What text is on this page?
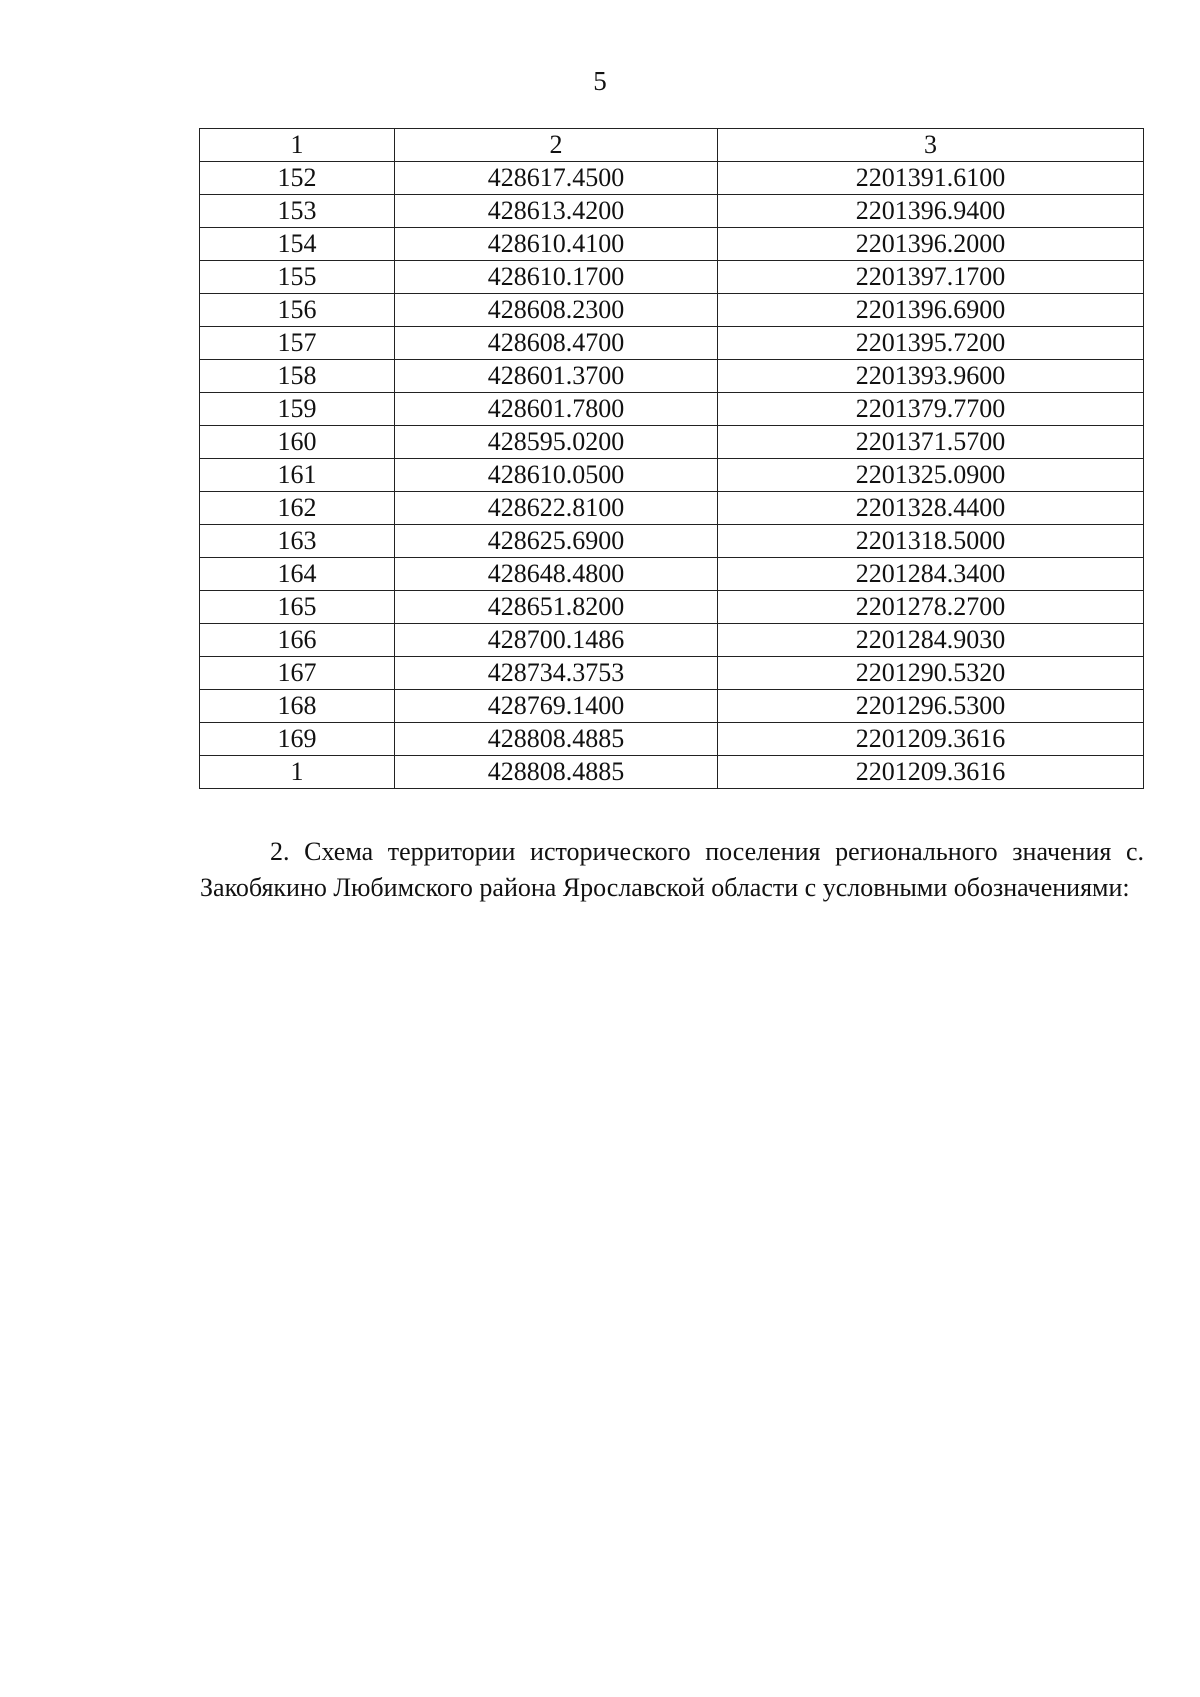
5
1	2	3
152	428617.4500	2201391.6100
153	428613.4200	2201396.9400
154	428610.4100	2201396.2000
155	428610.1700	2201397.1700
156	428608.2300	2201396.6900
157	428608.4700	2201395.7200
158	428601.3700	2201393.9600
159	428601.7800	2201379.7700
160	428595.0200	2201371.5700
161	428610.0500	2201325.0900
162	428622.8100	2201328.4400
163	428625.6900	2201318.5000
164	428648.4800	2201284.3400
165	428651.8200	2201278.2700
166	428700.1486	2201284.9030
167	428734.3753	2201290.5320
168	428769.1400	2201296.5300
169	428808.4885	2201209.3616
1	428808.4885	2201209.3616

2. Схема территории исторического поселения регионального значения с. Закобякино Любимского района Ярославской области с условными обозначениями:
